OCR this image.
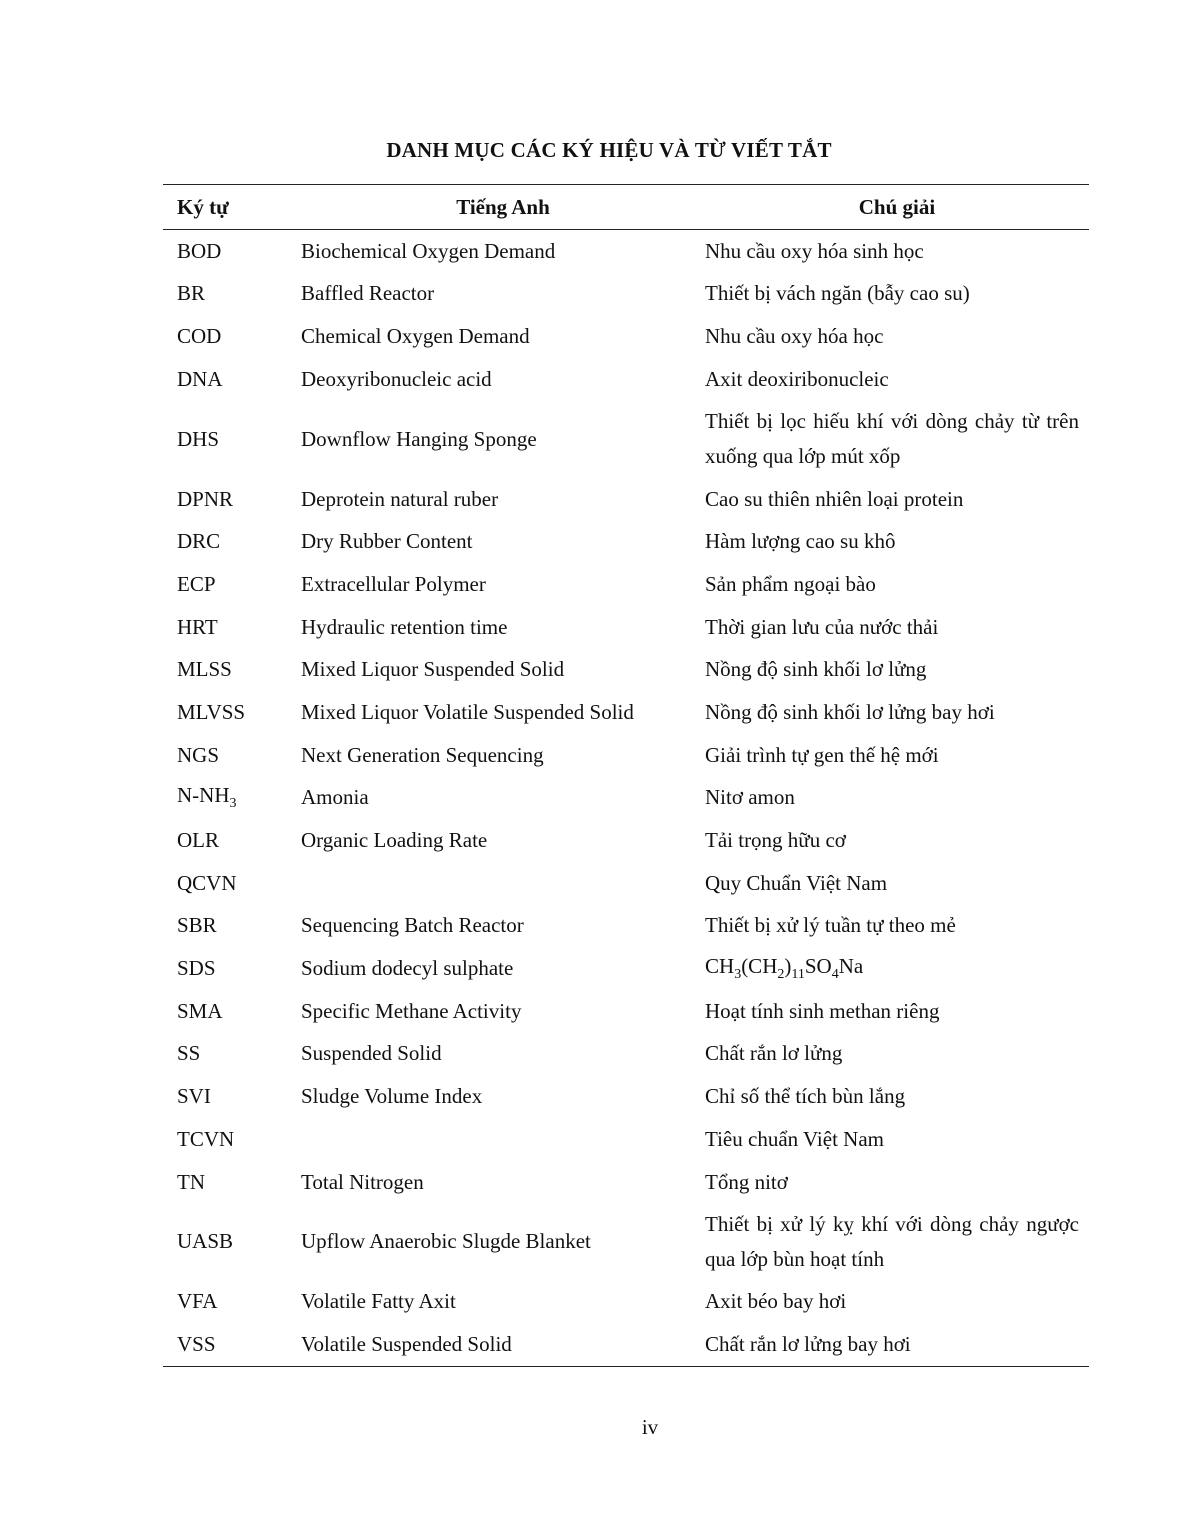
DANH MỤC CÁC KÝ HIỆU VÀ TỪ VIẾT TẮT
Ký tự	Tiếng Anh	Chú giải
BOD	Biochemical Oxygen Demand	Nhu cầu oxy hóa sinh học
BR	Baffled Reactor	Thiết bị vách ngăn (bẫy cao su)
COD	Chemical Oxygen Demand	Nhu cầu oxy hóa học
DNA	Deoxyribonucleic acid	Axit deoxiribonucleic
DHS	Downflow Hanging Sponge	Thiết bị lọc hiếu khí với dòng chảy từ trên xuống qua lớp mút xốp
DPNR	Deprotein natural ruber	Cao su thiên nhiên loại protein
DRC	Dry Rubber Content	Hàm lượng cao su khô
ECP	Extracellular Polymer	Sản phẩm ngoại bào
HRT	Hydraulic retention time	Thời gian lưu của nước thải
MLSS	Mixed Liquor Suspended Solid	Nồng độ sinh khối lơ lửng
MLVSS	Mixed Liquor Volatile Suspended Solid	Nồng độ sinh khối lơ lửng bay hơi
NGS	Next Generation Sequencing	Giải trình tự gen thế hệ mới
$N-NH_3$	Amonia	Nitơ amon
OLR	Organic Loading Rate	Tải trọng hữu cơ
QCVN		Quy Chuẩn Việt Nam
SBR	Sequencing Batch Reactor	Thiết bị xử lý tuần tự theo mẻ
SDS	Sodium dodecyl sulphate	$CH_3(CH_2)_{11}SO_4Na$
SMA	Specific Methane Activity	Hoạt tính sinh methan riêng
SS	Suspended Solid	Chất rắn lơ lửng
SVI	Sludge Volume Index	Chỉ số thể tích bùn lắng
TCVN		Tiêu chuẩn Việt Nam
TN	Total Nitrogen	Tổng nitơ
UASB	Upflow Anaerobic Slugde Blanket	Thiết bị xử lý kỵ khí với dòng chảy ngược qua lớp bùn hoạt tính
VFA	Volatile Fatty Axit	Axit béo bay hơi
VSS	Volatile Suspended Solid	Chất rắn lơ lửng bay hơi
iv
